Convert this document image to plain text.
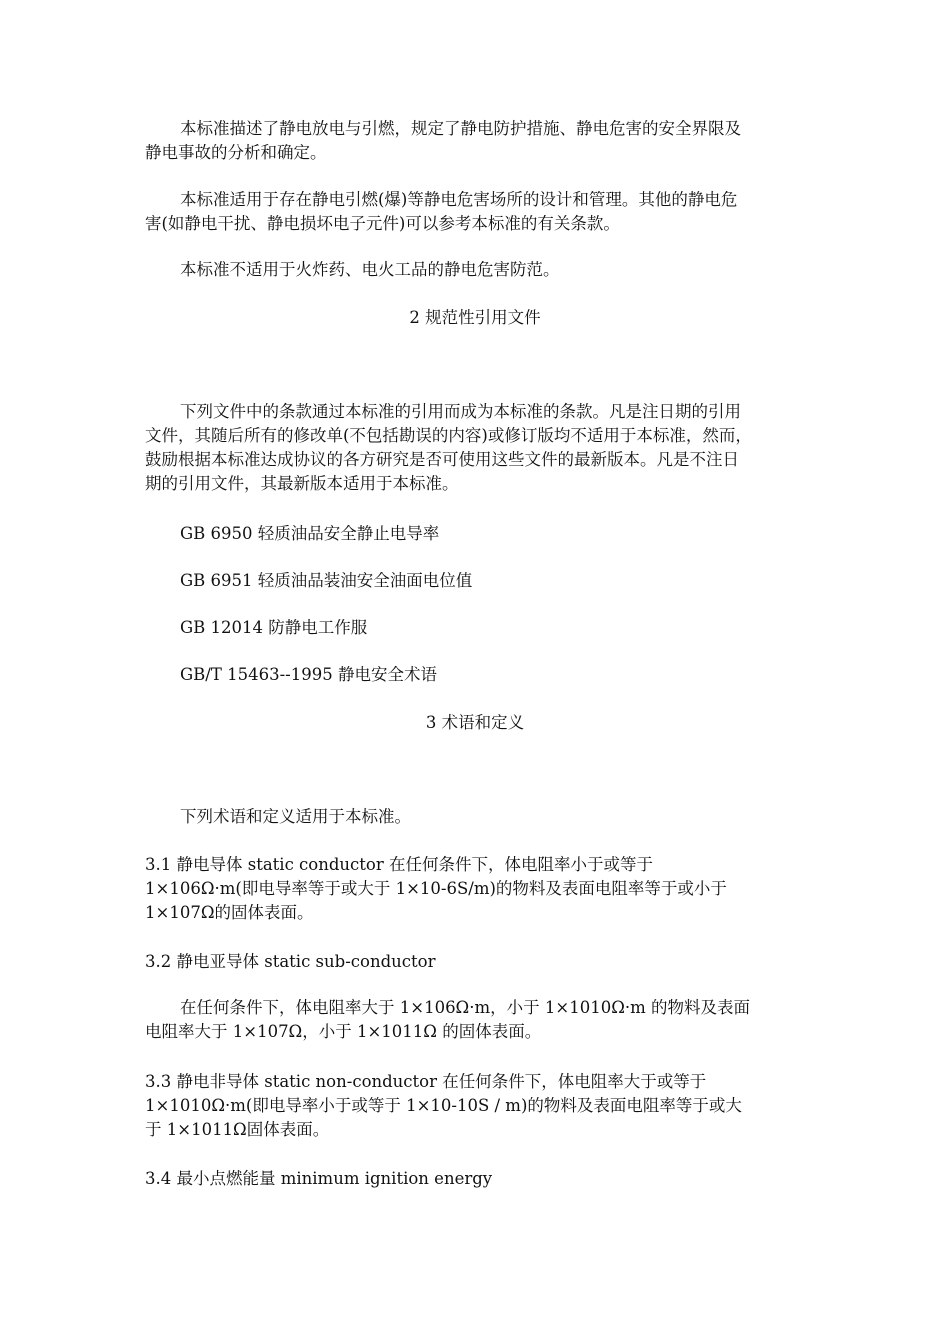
本标准描述了静电放电与引燃，规定了静电防护措施、静电危害的安全界限及
静电事故的分析和确定。
本标准适用于存在静电引燃(爆)等静电危害场所的设计和管理。其他的静电危
害(如静电干扰、静电损坏电子元件)可以参考本标准的有关条款。
本标准不适用于火炸药、电火工品的静电危害防范。
2 规范性引用文件
下列文件中的条款通过本标准的引用而成为本标准的条款。凡是注日期的引用
文件，其随后所有的修改单(不包括勘误的内容)或修订版均不适用于本标准，然而，
鼓励根据本标准达成协议的各方研究是否可使用这些文件的最新版本。凡是不注日
期的引用文件，其最新版本适用于本标准。
GB 6950 轻质油品安全静止电导率
GB 6951 轻质油品装油安全油面电位值
GB 12014 防静电工作服
GB/T 15463--1995 静电安全术语
3 术语和定义
下列术语和定义适用于本标准。
3.1 静电导体 static conductor 在任何条件下，体电阻率小于或等于
1×106Ω·m(即电导率等于或大于 1×10-6S/m)的物料及表面电阻率等于或小于
1×107Ω的固体表面。
3.2 静电亚导体 static sub-conductor
在任何条件下，体电阻率大于 1×106Ω·m，小于 1×1010Ω·m 的物料及表面
电阻率大于 1×107Ω，小于 1×1011Ω 的固体表面。
3.3 静电非导体 static non-conductor 在任何条件下，体电阻率大于或等于
1×1010Ω·m(即电导率小于或等于 1×10-10S / m)的物料及表面电阻率等于或大
于 1×1011Ω固体表面。
3.4 最小点燃能量 minimum ignition energy
